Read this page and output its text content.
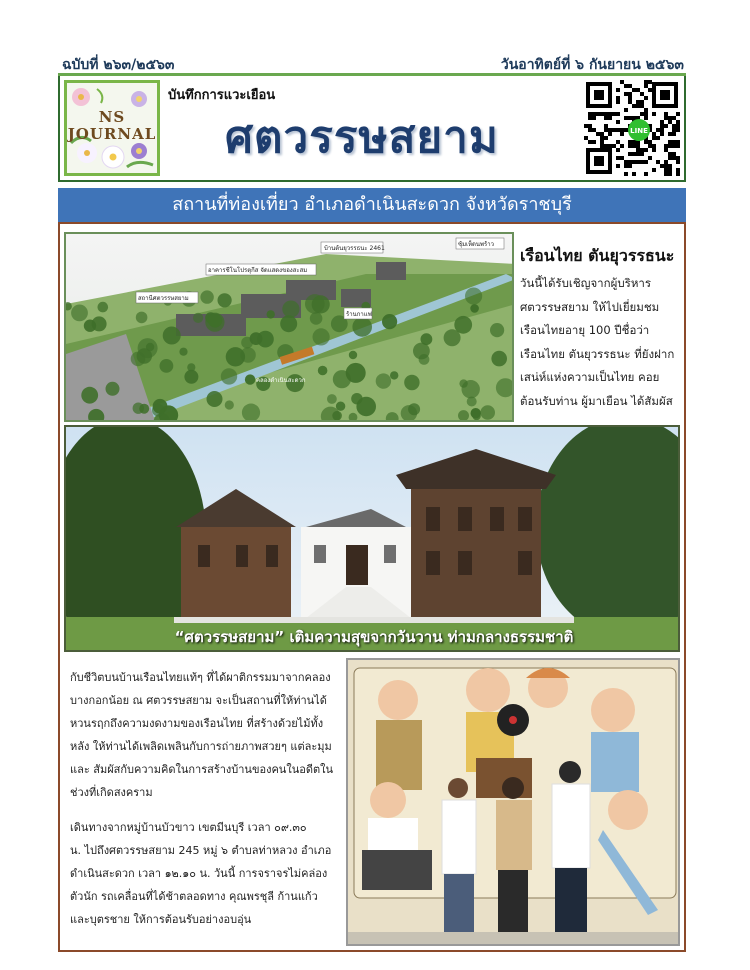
ฉบับที่ ๒๖๓/๒๕๖๓	วันอาทิตย์ที่ ๖ กันยายน ๒๕๖๓
NS JOURNAL
บันทึกการแวะเยือน
ศตวรรษสยาม	LINE
สถานที่ท่องเที่ยว อำเภอดำเนินสะดวก จังหวัดราชบุรี
บ้านต้นยุวรรธนะ 2461
ซุ้มเห็ดนพร้าว
อาคารชีโนโปรตุกีส จัดแสดงของสะสม
สถานีศตวรรษสยาม
ร้านกาแฟ
คลองดำเนินสะดวก
เรือนไทย ตันยุวรรธนะ

วันนี้ได้รับเชิญจากผู้บริหาร

ศตวรรษสยาม ให้ไปเยี่ยมชม

เรือนไทยอายุ 100 ปีชื่อว่า

เรือนไทย ตันยุวรรธนะ ที่ยังฝาก

เสน่ห์แห่งความเป็นไทย คอย

ต้อนรับท่าน ผู้มาเยือน ได้สัมผัส

“ศตวรรษสยาม” เติมความสุขจากวันวาน ท่ามกลางธรรมชาติ

กับชีวิตบนบ้านเรือนไทยแท้ๆ ที่ได้ผาติกรรมมาจากคลอง

บางกอกน้อย ณ ศตวรรษสยาม จะเป็นสถานที่ให้ท่านได้

หวนรฤกถึงความงดงามของเรือนไทย ที่สร้างด้วยไม้ทั้ง

หลัง ให้ท่านได้เพลิดเพลินกับการถ่ายภาพสวยๆ แต่ละมุม

และ สัมผัสกับความคิดในการสร้างบ้านของคนในอดีตใน

ช่วงที่เกิดสงคราม

เดินทางจากหมู่บ้านบัวขาว เขตมีนบุรี เวลา ๐๙.๓๐

น. ไปถึงศตวรรษสยาม 245 หมู่ ๖ ตำบลท่าหลวง อำเภอ

ดำเนินสะดวก เวลา ๑๒.๑๐ น. วันนี้ การจราจรไม่คล่อง

ตัวนัก รถเคลื่อนที่ได้ช้าตลอดทาง คุณพรชุลี ก้านแก้ว

และบุตรชาย ให้การต้อนรับอย่างอบอุ่น
